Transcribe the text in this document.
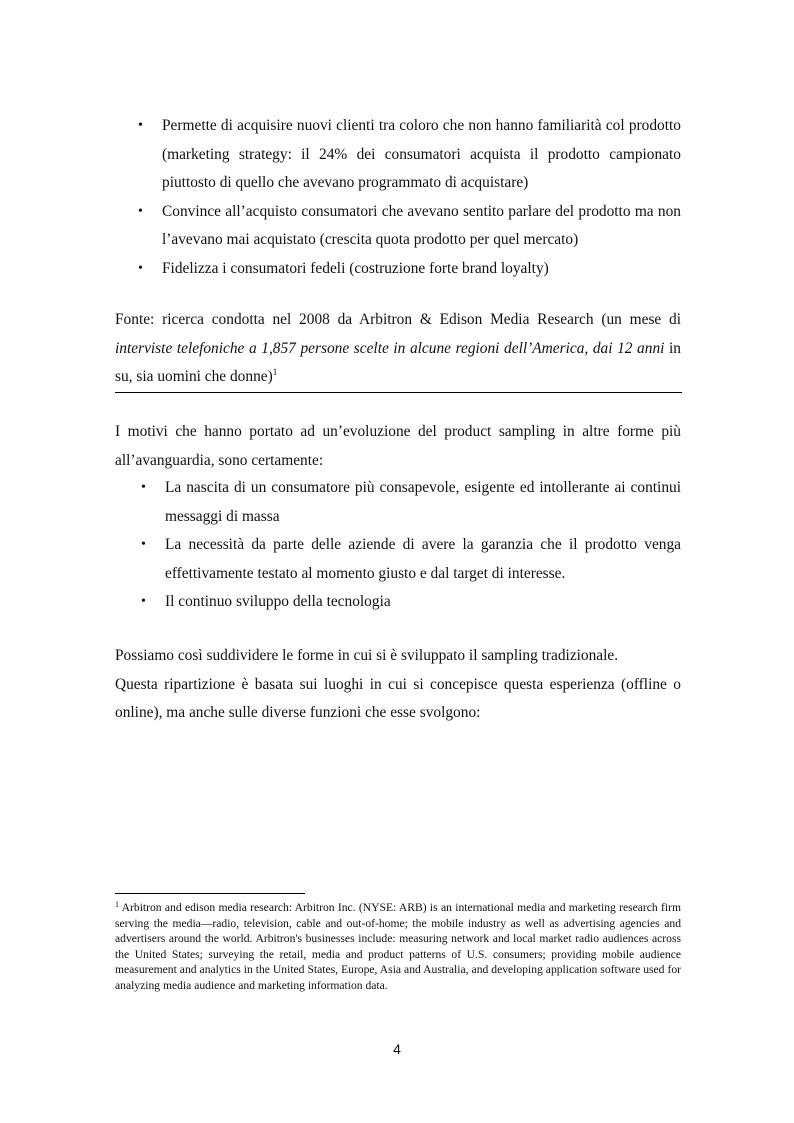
• Permette di acquisire nuovi clienti tra coloro che non hanno familiarità col prodotto (marketing strategy: il 24% dei consumatori acquista il prodotto campionato piuttosto di quello che avevano programmato di acquistare)
• Convince all’acquisto consumatori che avevano sentito parlare del prodotto ma non l’avevano mai acquistato (crescita quota prodotto per quel mercato)
• Fidelizza i consumatori fedeli (costruzione forte brand loyalty)

Fonte: ricerca condotta nel 2008 da Arbitron & Edison Media Research (un mese di interviste telefoniche a 1,857 persone scelte in alcune regioni dell’America, dai 12 anni in su, sia uomini che donne)$^1$

I motivi che hanno portato ad un’evoluzione del product sampling in altre forme più all’avanguardia, sono certamente:

• La nascita di un consumatore più consapevole, esigente ed intollerante ai continui messaggi di massa
• La necessità da parte delle aziende di avere la garanzia che il prodotto venga effettivamente testato al momento giusto e dal target di interesse.
• Il continuo sviluppo della tecnologia

Possiamo così suddividere le forme in cui si è sviluppato il sampling tradizionale.

Questa ripartizione è basata sui luoghi in cui si concepisce questa esperienza (offline o online), ma anche sulle diverse funzioni che esse svolgono:

$^1$ Arbitron and edison media research: Arbitron Inc. (NYSE: ARB) is an international media and marketing research firm serving the media—radio, television, cable and out-of-home; the mobile industry as well as advertising agencies and advertisers around the world. Arbitron's businesses include: measuring network and local market radio audiences across the United States; surveying the retail, media and product patterns of U.S. consumers; providing mobile audience measurement and analytics in the United States, Europe, Asia and Australia, and developing application software used for analyzing media audience and marketing information data.

4
